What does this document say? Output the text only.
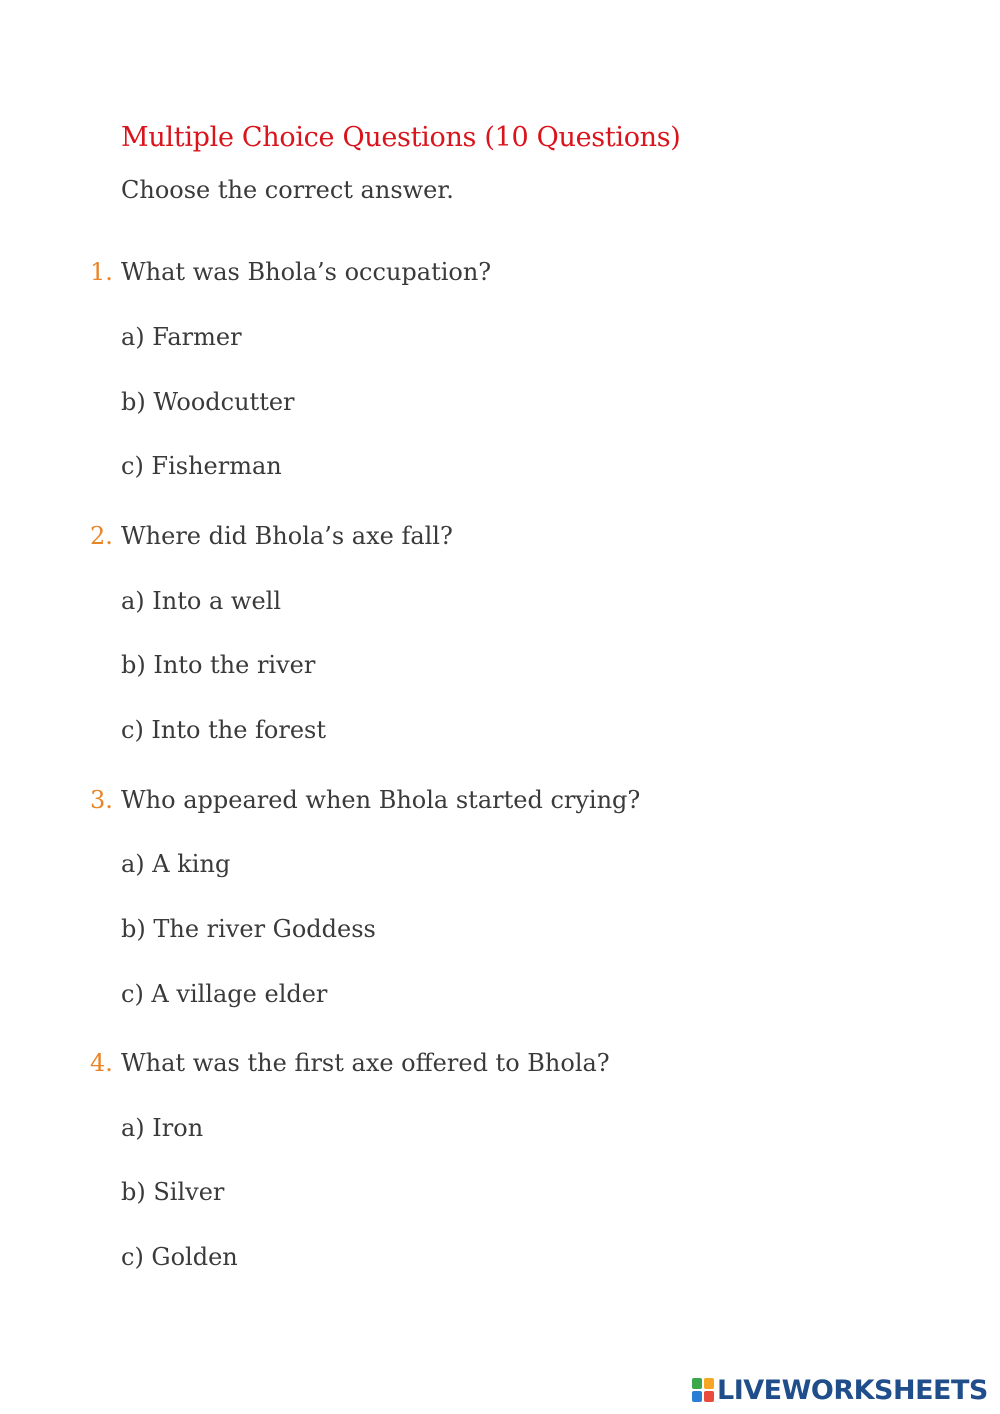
Multiple Choice Questions (10 Questions)
Choose the correct answer.
1. What was Bhola’s occupation?
a) Farmer
b) Woodcutter
c) Fisherman
2. Where did Bhola’s axe fall?
a) Into a well
b) Into the river
c) Into the forest
3. Who appeared when Bhola started crying?
a) A king
b) The river Goddess
c) A village elder
4. What was the first axe offered to Bhola?
a) Iron
b) Silver
c) Golden
LIVEWORKSHEETS
